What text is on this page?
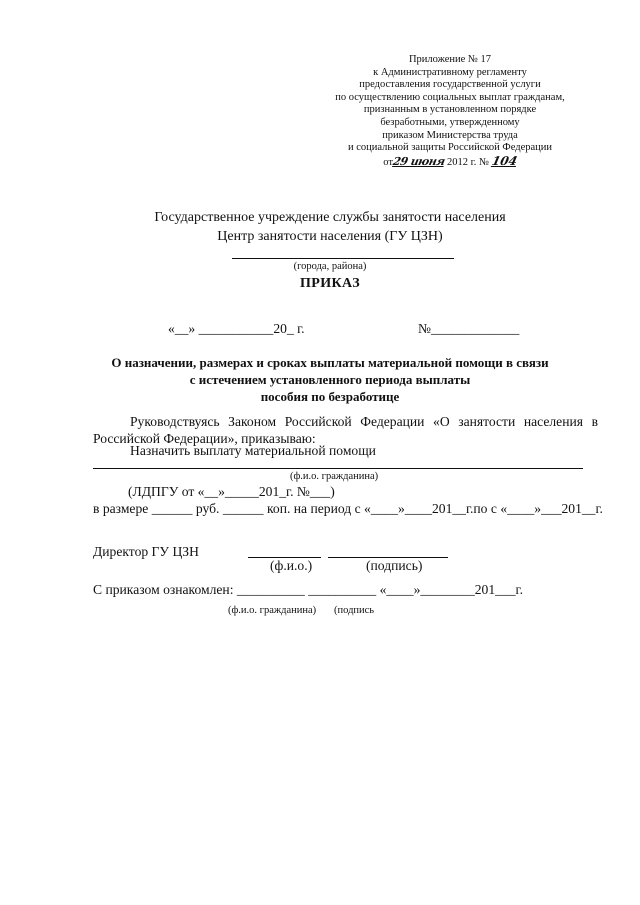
Приложение № 17
к Административному регламенту
предоставления государственной услуги
по осуществлению социальных выплат гражданам,
признанным в установленном порядке
безработными, утвержденному
приказом Министерства труда
и социальной защиты Российской Федерации
от29 июня 2012 г. № 104
Государственное учреждение службы занятости населения
Центр занятости населения (ГУ ЦЗН)
(города, района)
ПРИКАЗ
«__» ___________20_ г.	№_____________
О назначении, размерах и сроках выплаты материальной помощи в связи
с истечением установленного периода выплаты
пособия по безработице
Руководствуясь Законом Российской Федерации «О занятости населения в Российской Федерации», приказываю:
Назначить выплату материальной помощи
(ф.и.о. гражданина)
(ЛДПГУ от «__»_____201_г. №___)
в размере ______ руб. ______ коп. на период с «____»____201__г.по с «____»___201__г.
Директор ГУ ЦЗН
(ф.и.о.)	(подпись)
С приказом ознакомлен: __________ __________ «____»________201___г.
(ф.и.о. гражданина) (подпись
